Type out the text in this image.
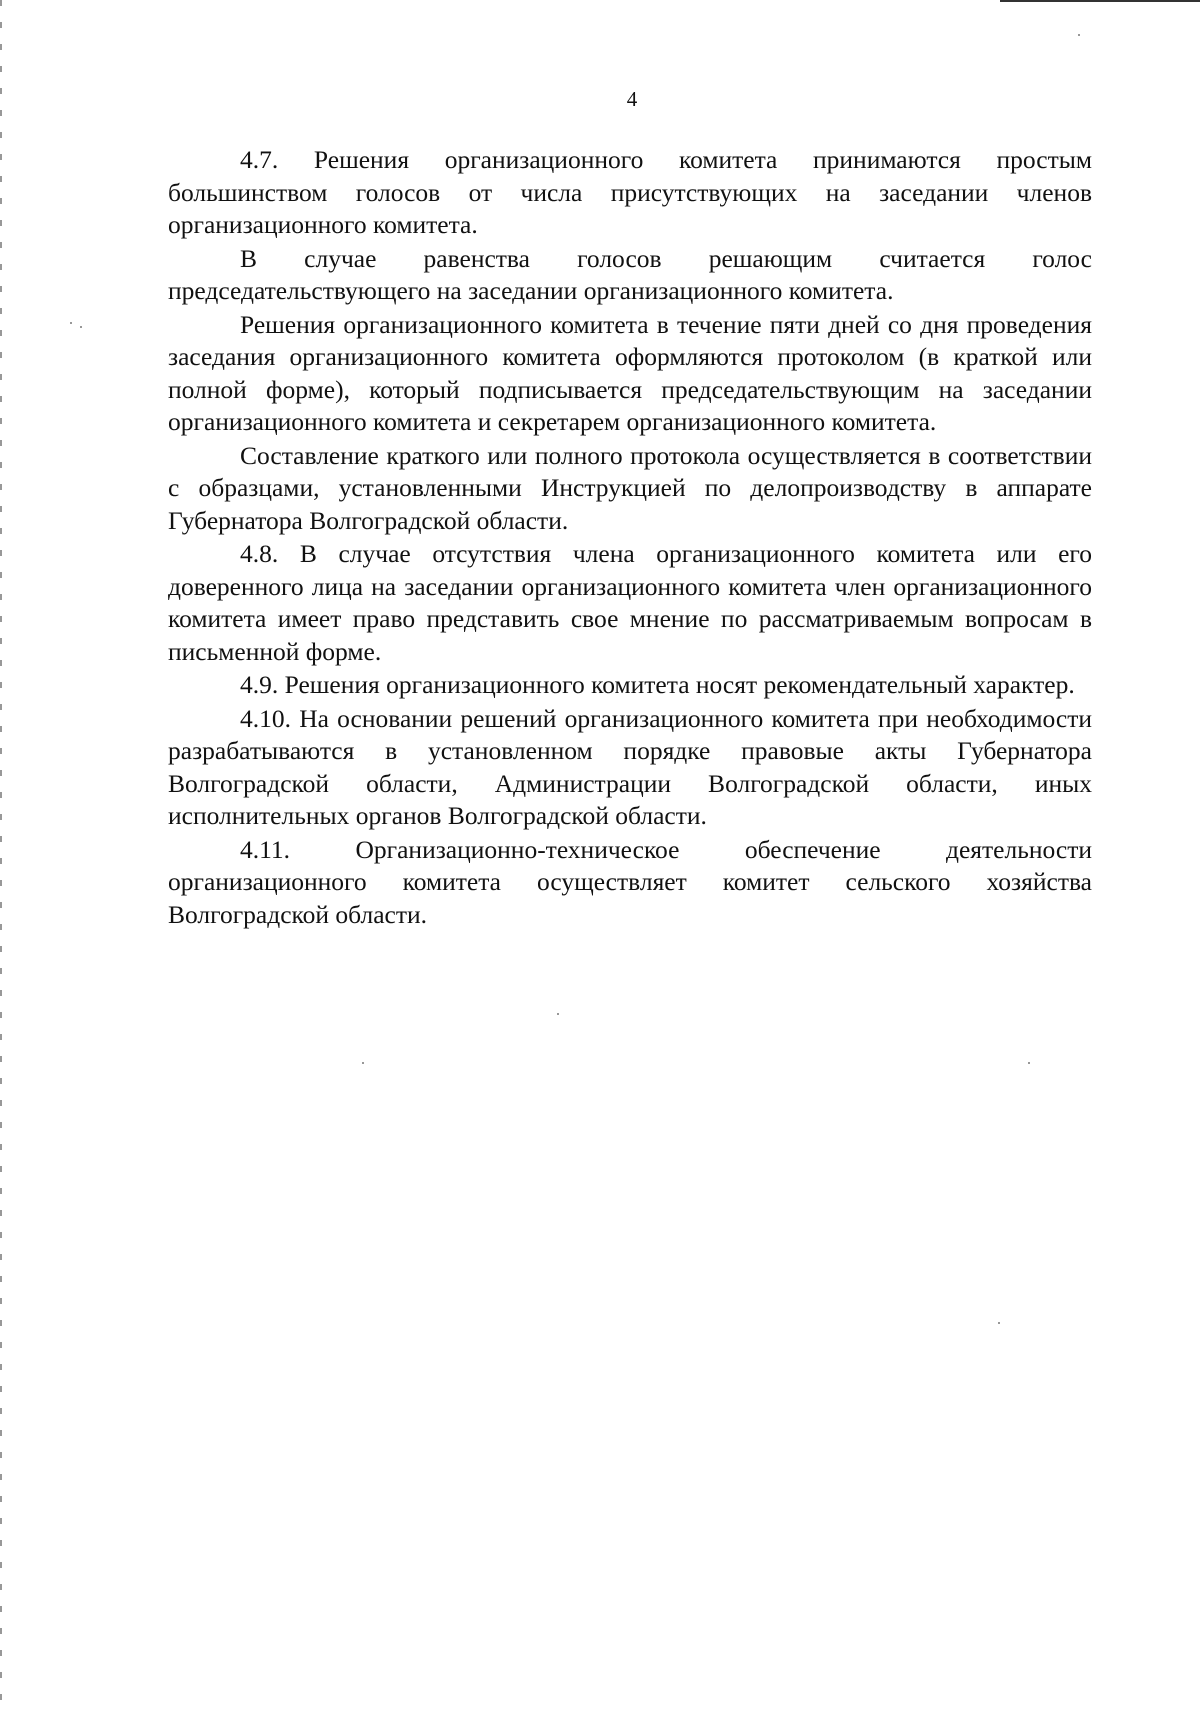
4

4.7. Решения организационного комитета принимаются простым большинством голосов от числа присутствующих на заседании членов организационного комитета.

В случае равенства голосов решающим считается голос председательствующего на заседании организационного комитета.

Решения организационного комитета в течение пяти дней со дня проведения заседания организационного комитета оформляются протоколом (в краткой или полной форме), который подписывается председательствующим на заседании организационного комитета и секретарем организационного комитета.

Составление краткого или полного протокола осуществляется в соответствии с образцами, установленными Инструкцией по делопроизводству в аппарате Губернатора Волгоградской области.

4.8. В случае отсутствия члена организационного комитета или его доверенного лица на заседании организационного комитета член организационного комитета имеет право представить свое мнение по рассматриваемым вопросам в письменной форме.

4.9. Решения организационного комитета носят рекомендательный характер.

4.10. На основании решений организационного комитета при необходимости разрабатываются в установленном порядке правовые акты Губернатора Волгоградской области, Администрации Волгоградской области, иных исполнительных органов Волгоградской области.

4.11. Организационно-техническое обеспечение деятельности организационного комитета осуществляет комитет сельского хозяйства Волгоградской области.
